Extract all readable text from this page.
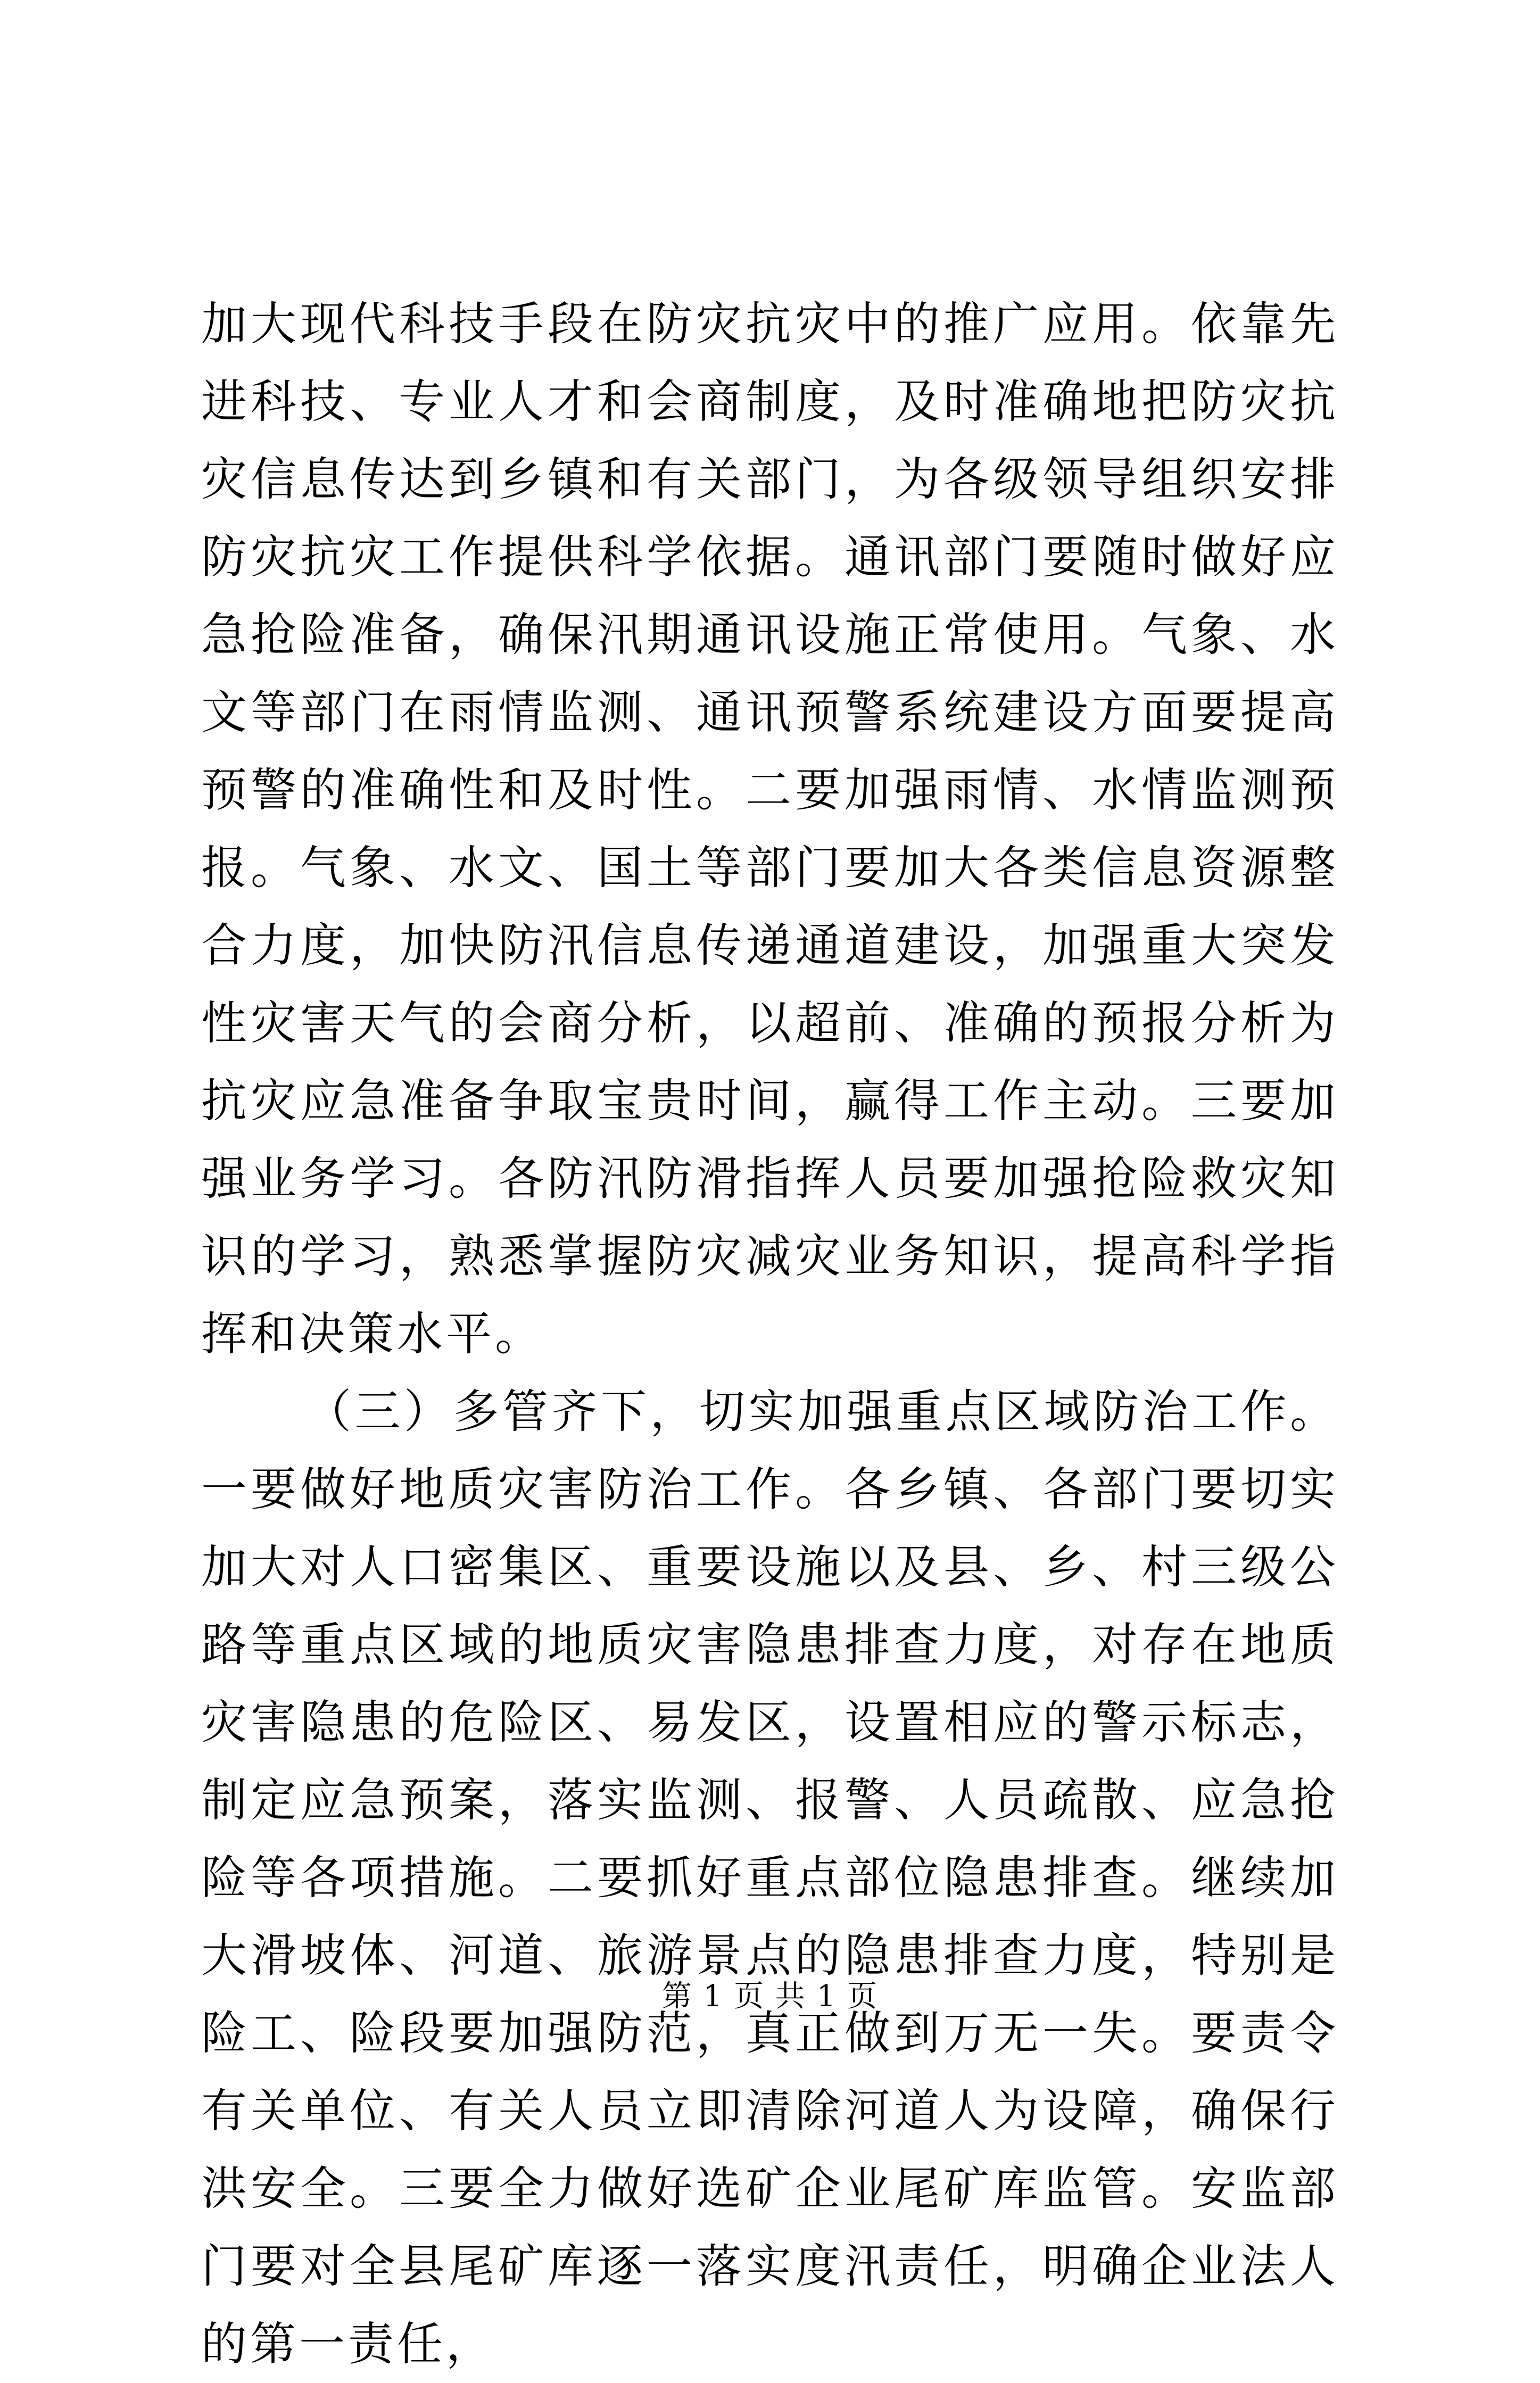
加大现代科技手段在防灾抗灾中的推广应用。依靠先进科技、专业人才和会商制度，及时准确地把防灾抗灾信息传达到乡镇和有关部门，为各级领导组织安排防灾抗灾工作提供科学依据。通讯部门要随时做好应急抢险准备，确保汛期通讯设施正常使用。气象、水文等部门在雨情监测、通讯预警系统建设方面要提高预警的准确性和及时性。二要加强雨情、水情监测预报。气象、水文、国土等部门要加大各类信息资源整合力度，加快防汛信息传递通道建设，加强重大突发性灾害天气的会商分析，以超前、准确的预报分析为抗灾应急准备争取宝贵时间，赢得工作主动。三要加强业务学习。各防汛防滑指挥人员要加强抢险救灾知识的学习，熟悉掌握防灾减灾业务知识，提高科学指挥和决策水平。

（三）多管齐下，切实加强重点区域防治工作。一要做好地质灾害防治工作。各乡镇、各部门要切实加大对人口密集区、重要设施以及县、乡、村三级公路等重点区域的地质灾害隐患排查力度，对存在地质灾害隐患的危险区、易发区，设置相应的警示标志，制定应急预案，落实监测、报警、人员疏散、应急抢险等各项措施。二要抓好重点部位隐患排查。继续加大滑坡体、河道、旅游景点的隐患排查力度，特别是险工、险段要加强防范，真正做到万无一失。要责令有关单位、有关人员立即清除河道人为设障，确保行洪安全。三要全力做好选矿企业尾矿库监管。安监部门要对全县尾矿库逐一落实度汛责任，明确企业法人的第一责任，

第 1 页 共 1 页
